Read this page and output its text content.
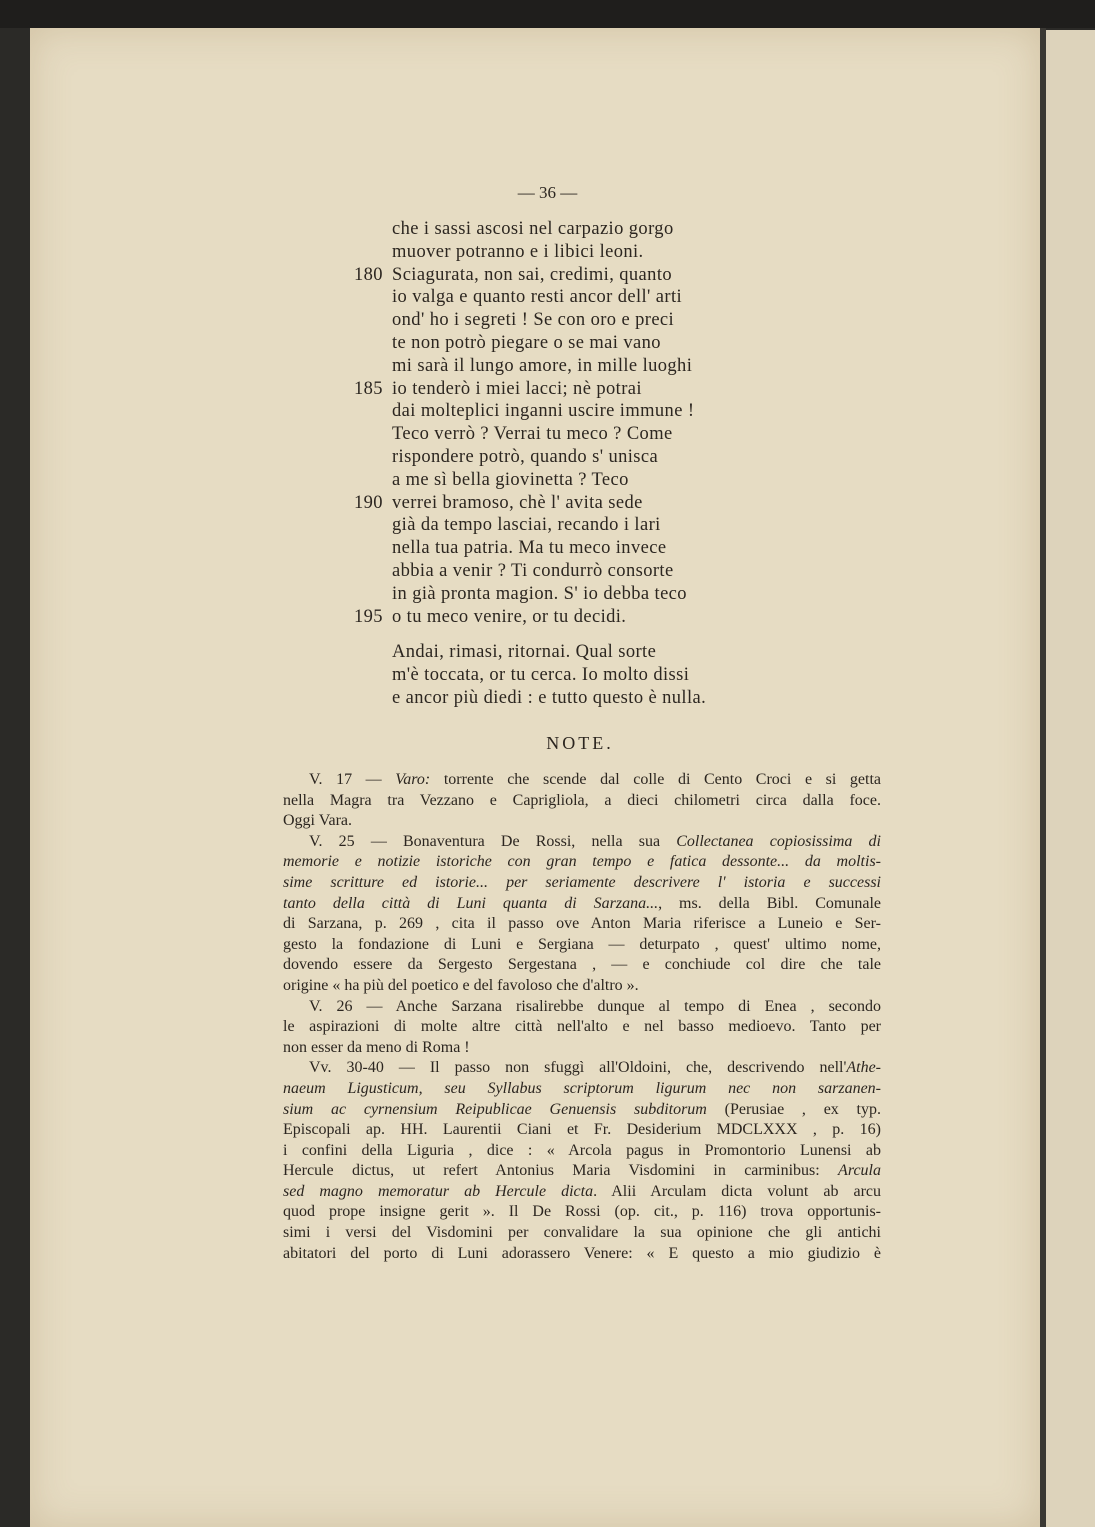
— 36 —
che i sassi ascosi nel carpazio gorgo
muover potranno e i libici leoni.
180 Sciagurata, non sai, credimi, quanto
io valga e quanto resti ancor dell' arti
ond' ho i segreti ! Se con oro e preci
te non potrò piegare o se mai vano
mi sarà il lungo amore, in mille luoghi
185 io tenderò i miei lacci; nè potrai
dai molteplici inganni uscire immune !
Teco verrò ? Verrai tu meco ? Come
rispondere potrò, quando s' unisca
a me sì bella giovinetta ? Teco
190 verrei bramoso, chè l' avita sede
già da tempo lasciai, recando i lari
nella tua patria. Ma tu meco invece
abbia a venir ? Ti condurrò consorte
in già pronta magion. S' io debba teco
195 o tu meco venire, or tu decidi.
Andai, rimasi, ritornai. Qual sorte
m'è toccata, or tu cerca. Io molto dissi
e ancor più diedi : e tutto questo è nulla.
NOTE.
V. 17 — Varo: torrente che scende dal colle di Cento Croci e si getta
nella Magra tra Vezzano e Caprigliola, a dieci chilometri circa dalla foce.
Oggi Vara.
V. 25 — Bonaventura De Rossi, nella sua Collectanea copiosissima di
memorie e notizie istoriche con gran tempo e fatica dessonte... da moltis-
sime scritture ed istorie... per seriamente descrivere l' istoria e successi
tanto della città di Luni quanta di Sarzana..., ms. della Bibl. Comunale
di Sarzana, p. 269 , cita il passo ove Anton Maria riferisce a Luneio e Ser-
gesto la fondazione di Luni e Sergiana — deturpato , quest' ultimo nome,
dovendo essere da Sergesto Sergestana , — e conchiude col dire che tale
origine « ha più del poetico e del favoloso che d'altro ».
V. 26 — Anche Sarzana risalirebbe dunque al tempo di Enea , secondo
le aspirazioni di molte altre città nell'alto e nel basso medioevo. Tanto per
non esser da meno di Roma !
Vv. 30-40 — Il passo non sfuggì all'Oldoini, che, descrivendo nell'Athe-
naeum Ligusticum, seu Syllabus scriptorum ligurum nec non sarzanen-
sium ac cyrnensium Reipublicae Genuensis subditorum (Perusiae , ex typ.
Episcopali ap. HH. Laurentii Ciani et Fr. Desiderium MDCLXXX , p. 16)
i confini della Liguria , dice : « Arcola pagus in Promontorio Lunensi ab
Hercule dictus, ut refert Antonius Maria Visdomini in carminibus: Arcula
sed magno memoratur ab Hercule dicta. Alii Arculam dicta volunt ab arcu
quod prope insigne gerit ». Il De Rossi (op. cit., p. 116) trova opportunis-
simi i versi del Visdomini per convalidare la sua opinione che gli antichi
abitatori del porto di Luni adorassero Venere: « E questo a mio giudizio è
